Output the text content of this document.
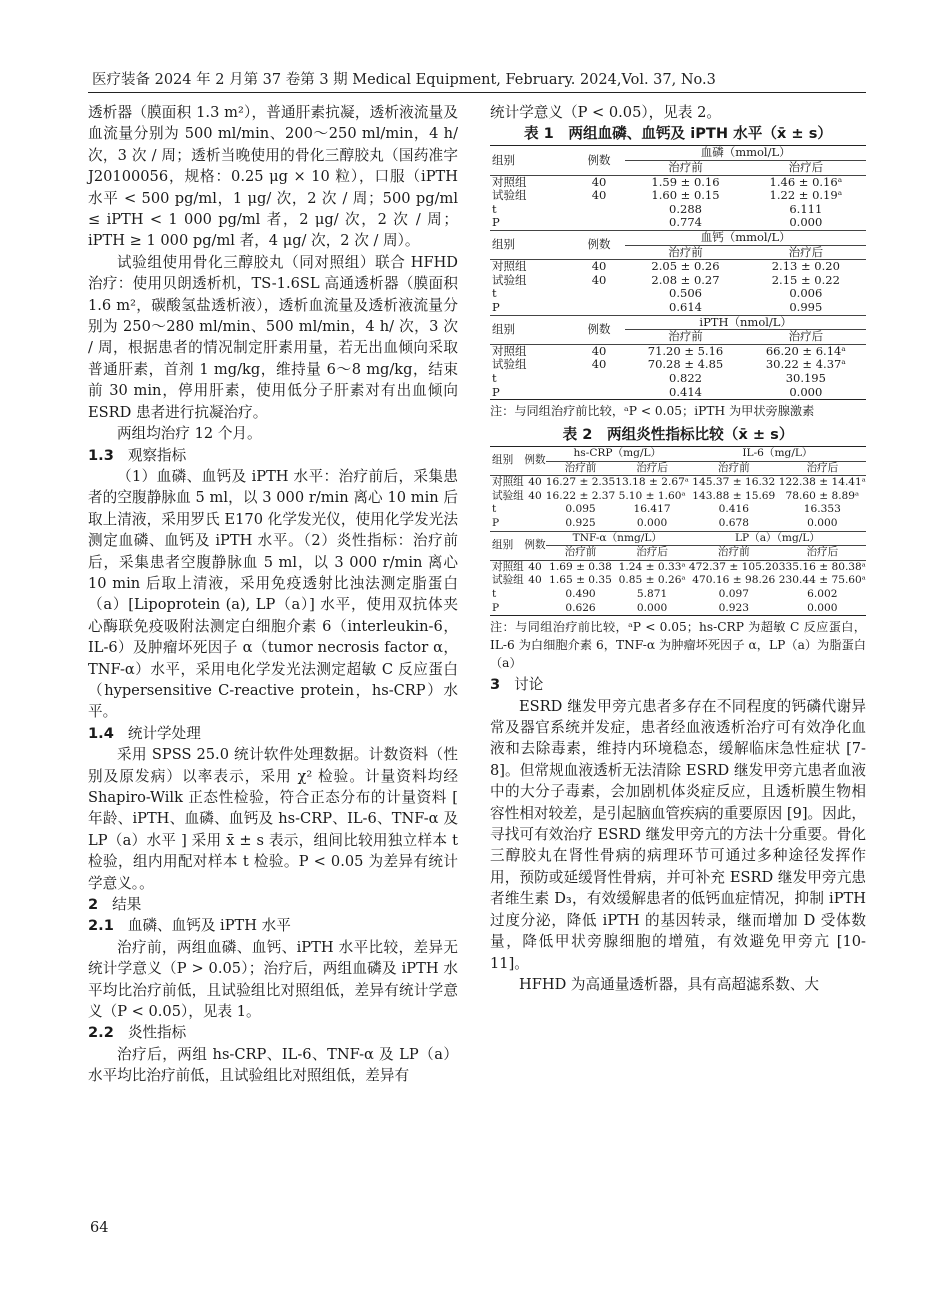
医疗装备 2024 年 2 月第 37 卷第 3 期 Medical Equipment, February. 2024,Vol. 37, No.3

透析器（膜面积 1.3 m²），普通肝素抗凝，透析液流量及血流量分别为 500 ml/min、200～250 ml/min，4 h/ 次，3 次 / 周；透析当晚使用的骨化三醇胶丸（国药准字 J20100056，规格：0.25 μg × 10 粒），口服（iPTH 水平 < 500 pg/ml，1 μg/ 次，2 次 / 周；500 pg/ml ≤ iPTH < 1 000 pg/ml 者，2 μg/ 次，2 次 / 周；iPTH ≥ 1 000 pg/ml 者，4 μg/ 次，2 次 / 周）。

试验组使用骨化三醇胶丸（同对照组）联合 HFHD 治疗：使用贝朗透析机，TS-1.6SL 高通透析器（膜面积 1.6 m²，碳酸氢盐透析液），透析血流量及透析液流量分别为 250～280 ml/min、500 ml/min，4 h/ 次，3 次 / 周，根据患者的情况制定肝素用量，若无出血倾向采取普通肝素，首剂 1 mg/kg，维持量 6～8 mg/kg，结束前 30 min，停用肝素，使用低分子肝素对有出血倾向 ESRD 患者进行抗凝治疗。

两组均治疗 12 个月。

1.3 观察指标

（1）血磷、血钙及 iPTH 水平：治疗前后，采集患者的空腹静脉血 5 ml，以 3 000 r/min 离心 10 min 后取上清液，采用罗氏 E170 化学发光仪，使用化学发光法测定血磷、血钙及 iPTH 水平。（2）炎性指标：治疗前后，采集患者空腹静脉血 5 ml，以 3 000 r/min 离心 10 min 后取上清液，采用免疫透射比浊法测定脂蛋白（a）[Lipoprotein (a), LP（a）] 水平，使用双抗体夹心酶联免疫吸附法测定白细胞介素 6（interleukin-6，IL-6）及肿瘤坏死因子 α（tumor necrosis factor α，TNF-α）水平，采用电化学发光法测定超敏 C 反应蛋白（hypersensitive C-reactive protein，hs-CRP）水平。

1.4 统计学处理

采用 SPSS 25.0 统计软件处理数据。计数资料（性别及原发病）以率表示，采用 χ² 检验。计量资料均经 Shapiro-Wilk 正态性检验，符合正态分布的计量资料 [ 年龄、iPTH、血磷、血钙及 hs-CRP、IL-6、TNF-α 及 LP（a）水平 ] 采用 x̄ ± s 表示，组间比较用独立样本 t 检验，组内用配对样本 t 检验。P < 0.05 为差异有统计学意义。。

2 结果

2.1 血磷、血钙及 iPTH 水平

治疗前，两组血磷、血钙、iPTH 水平比较，差异无统计学意义（P > 0.05）；治疗后，两组血磷及 iPTH 水平均比治疗前低，且试验组比对照组低，差异有统计学意义（P < 0.05），见表 1。

2.2 炎性指标

治疗后，两组 hs-CRP、IL-6、TNF-α 及 LP（a）水平均比治疗前低，且试验组比对照组低，差异有

统计学意义（P < 0.05），见表 2。

表 1　两组血磷、血钙及 iPTH 水平（x̄ ± s）

组别	例数	血磷（mmol/L）	
		治疗前	治疗后
对照组	40	1.59 ± 0.16	1.46 ± 0.16ᵃ
试验组	40	1.60 ± 0.15	1.22 ± 0.19ᵃ
t		0.288	6.111
P		0.774	0.000
组别	例数	血钙（mmol/L）	
		治疗前	治疗后
对照组	40	2.05 ± 0.26	2.13 ± 0.20
试验组	40	2.08 ± 0.27	2.15 ± 0.22
t		0.506	0.006
P		0.614	0.995
组别	例数	iPTH（nmol/L）	
		治疗前	治疗后
对照组	40	71.20 ± 5.16	66.20 ± 6.14ᵃ
试验组	40	70.28 ± 4.85	30.22 ± 4.37ᵃ
t		0.822	30.195
P		0.414	0.000

注：与同组治疗前比较，ᵃP < 0.05；iPTH 为甲状旁腺激素

表 2　两组炎性指标比较（x̄ ± s）

组别	例数	hs-CRP（mg/L）		IL-6（mg/L）	
		治疗前	治疗后	治疗前	治疗后
对照组	40	16.27 ± 2.35	13.18 ± 2.67ᵃ	145.37 ± 16.32	122.38 ± 14.41ᵃ
试验组	40	16.22 ± 2.37	5.10 ± 1.60ᵃ	143.88 ± 15.69	78.60 ± 8.89ᵃ
t		0.095	16.417	0.416	16.353
P		0.925	0.000	0.678	0.000
组别	例数	TNF-α（nmg/L）		LP（a）（mg/L）	
		治疗前	治疗后	治疗前	治疗后
对照组	40	1.69 ± 0.38	1.24 ± 0.33ᵃ	472.37 ± 105.20	335.16 ± 80.38ᵃ
试验组	40	1.65 ± 0.35	0.85 ± 0.26ᵃ	470.16 ± 98.26	230.44 ± 75.60ᵃ
t		0.490	5.871	0.097	6.002
P		0.626	0.000	0.923	0.000

注：与同组治疗前比较，ᵃP < 0.05；hs-CRP 为超敏 C 反应蛋白，IL-6 为白细胞介素 6，TNF-α 为肿瘤坏死因子 α，LP（a）为脂蛋白（a）

3 讨论

ESRD 继发甲旁亢患者多存在不同程度的钙磷代谢异常及器官系统并发症，患者经血液透析治疗可有效净化血液和去除毒素，维持内环境稳态，缓解临床急性症状 [7-8]。但常规血液透析无法清除 ESRD 继发甲旁亢患者血液中的大分子毒素，会加剧机体炎症反应，且透析膜生物相容性相对较差，是引起脑血管疾病的重要原因 [9]。因此，寻找可有效治疗 ESRD 继发甲旁亢的方法十分重要。骨化三醇胶丸在肾性骨病的病理环节可通过多种途径发挥作用，预防或延缓肾性骨病，并可补充 ESRD 继发甲旁亢患者维生素 D₃，有效缓解患者的低钙血症情况，抑制 iPTH 过度分泌，降低 iPTH 的基因转录，继而增加 D 受体数量，降低甲状旁腺细胞的增殖，有效避免甲旁亢 [10-11]。

HFHD 为高通量透析器，具有高超滤系数、大

64
